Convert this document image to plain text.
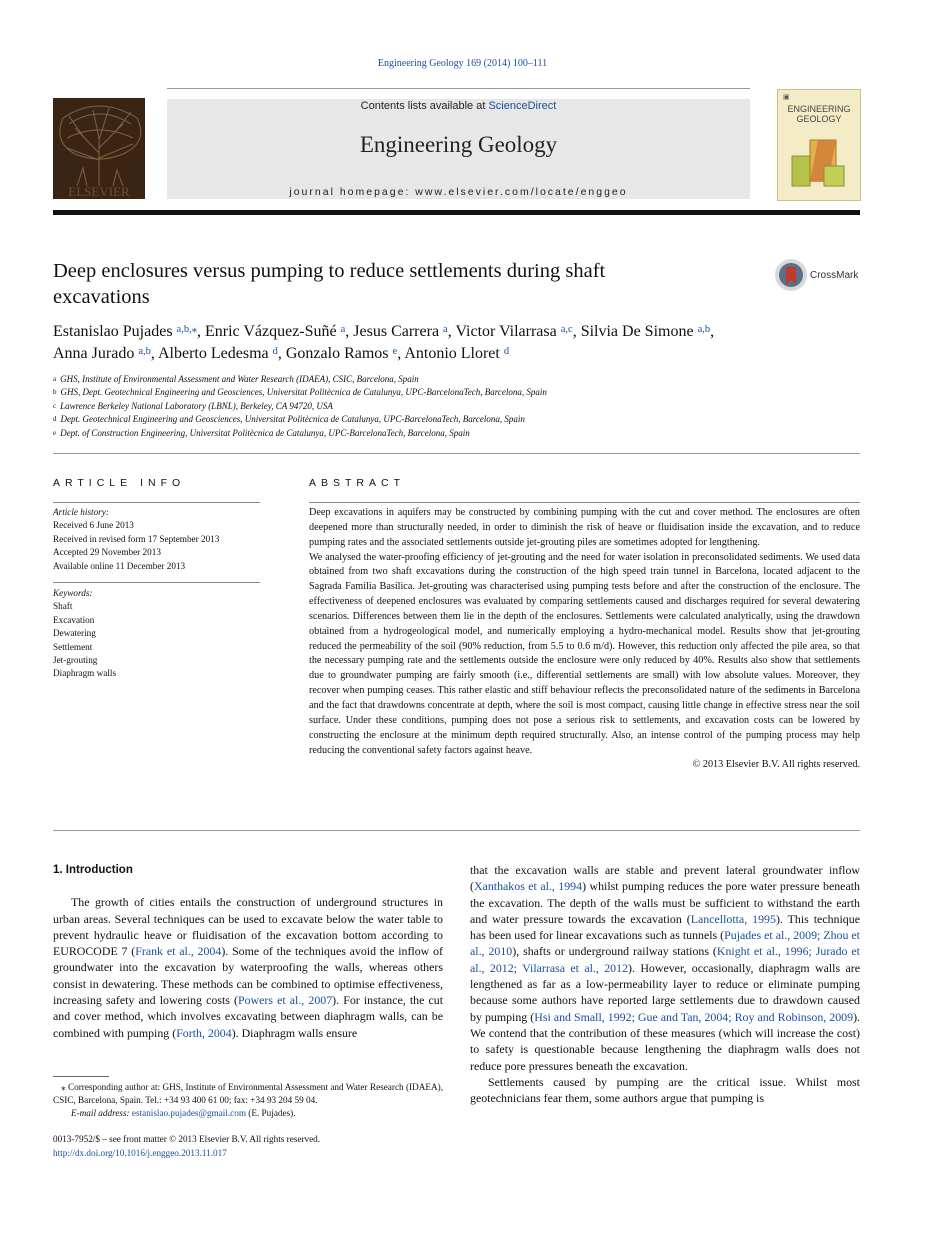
Engineering Geology 169 (2014) 100–111
ELSEVIER
Contents lists available at ScienceDirect
Engineering Geology
journal homepage: www.elsevier.com/locate/enggeo
▣
ENGINEERING GEOLOGY
Deep enclosures versus pumping to reduce settlements during shaft excavations
CrossMark
Estanislao Pujades $^{a,b,⁎}$, Enric Vázquez-Suñé $^a$, Jesus Carrera $^a$, Victor Vilarrasa $^{a,c}$, Silvia De Simone $^{a,b}$,
Anna Jurado $^{a,b}$, Alberto Ledesma $^d$, Gonzalo Ramos $^e$, Antonio Lloret $^d$
$^a$ GHS, Institute of Environmental Assessment and Water Research (IDAEA), CSIC, Barcelona, Spain
$^b$ GHS, Dept. Geotechnical Engineering and Geosciences, Universitat Politècnica de Catalunya, UPC-BarcelonaTech, Barcelona, Spain
$^c$ Lawrence Berkeley National Laboratory (LBNL), Berkeley, CA 94720, USA
$^d$ Dept. Geotechnical Engineering and Geosciences, Universitat Politècnica de Catalunya, UPC-BarcelonaTech, Barcelona, Spain
$^e$ Dept. of Construction Engineering, Universitat Politècnica de Catalunya, UPC-BarcelonaTech, Barcelona, Spain
ARTICLE INFO	ABSTRACT
Article history:
Received 6 June 2013
Received in revised form 17 September 2013
Accepted 29 November 2013
Available online 11 December 2013
Keywords:
Shaft
Excavation
Dewatering
Settlement
Jet-grouting
Diaphragm walls

Deep excavations in aquifers may be constructed by combining pumping with the cut and cover method. The enclosures are often deepened more than structurally needed, in order to diminish the risk of heave or fluidisation inside the excavation, and to reduce pumping rates and the associated settlements outside jet-grouting piles are sometimes adopted for lengthening.

We analysed the water-proofing efficiency of jet-grouting and the need for water isolation in preconsolidated sediments. We used data obtained from two shaft excavations during the construction of the high speed train tunnel in Barcelona, located adjacent to the Sagrada Familia Basilica. Jet-grouting was characterised using pumping tests before and after the construction of the enclosure. The effectiveness of deepened enclosures was evaluated by comparing settlements caused and discharges required for several dewatering scenarios. Differences between them lie in the depth of the enclosures. Settlements were calculated analytically, using the drawdown obtained from a hydrogeological model, and numerically employing a hydro-mechanical model. Results show that jet-grouting reduced the permeability of the soil (90% reduction, from 5.5 to 0.6 m/d). However, this reduction only affected the pile area, so that the necessary pumping rate and the settlements outside the enclosure were only reduced by 40%. Results also show that settlements due to groundwater pumping are fairly smooth (i.e., differential settlements are small) with low absolute values. Moreover, they recover when pumping ceases. This rather elastic and stiff behaviour reflects the preconsolidated nature of the sediments in Barcelona and the fact that drawdowns concentrate at depth, where the soil is most compact, causing little change in effective stress near the soil surface. Under these conditions, pumping does not pose a serious risk to settlements, and excavation costs can be lowered by constructing the enclosure at the minimum depth required structurally. Also, an intense control of the pumping process may help reducing the conventional safety factors against heave.

© 2013 Elsevier B.V. All rights reserved.

1. Introduction

The growth of cities entails the construction of underground structures in urban areas. Several techniques can be used to excavate below the water table to prevent hydraulic heave or fluidisation of the excavation bottom according to EUROCODE 7 (Frank et al., 2004). Some of the techniques avoid the inflow of groundwater into the excavation by waterproofing the walls, whereas others consist in dewatering. These methods can be combined to optimise effectiveness, increasing safety and lowering costs (Powers et al., 2007). For instance, the cut and cover method, which involves excavating between diaphragm walls, can be combined with pumping (Forth, 2004). Diaphragm walls ensure

that the excavation walls are stable and prevent lateral groundwater inflow (Xanthakos et al., 1994) whilst pumping reduces the pore water pressure beneath the excavation. The depth of the walls must be sufficient to withstand the earth and water pressure towards the excavation (Lancellotta, 1995). This technique has been used for linear excavations such as tunnels (Pujades et al., 2009; Zhou et al., 2010), shafts or underground railway stations (Knight et al., 1996; Jurado et al., 2012; Vilarrasa et al., 2012). However, occasionally, diaphragm walls are lengthened as far as a low-permeability layer to reduce or eliminate pumping because some authors have reported large settlements due to drawdown caused by pumping (Hsi and Small, 1992; Gue and Tan, 2004; Roy and Robinson, 2009). We contend that the contribution of these measures (which will increase the cost) to safety is questionable because lengthening the diaphragm walls does not reduce pore pressures beneath the excavation.

Settlements caused by pumping are the critical issue. Whilst most geotechnicians fear them, some authors argue that pumping is

⁎ Corresponding author at: GHS, Institute of Environmental Assessment and Water Research (IDAEA), CSIC, Barcelona, Spain. Tel.: +34 93 400 61 00; fax: +34 93 204 59 04.
E-mail address: estanislao.pujades@gmail.com (E. Pujades).
0013-7952/$ – see front matter © 2013 Elsevier B.V. All rights reserved.
http://dx.doi.org/10.1016/j.enggeo.2013.11.017
